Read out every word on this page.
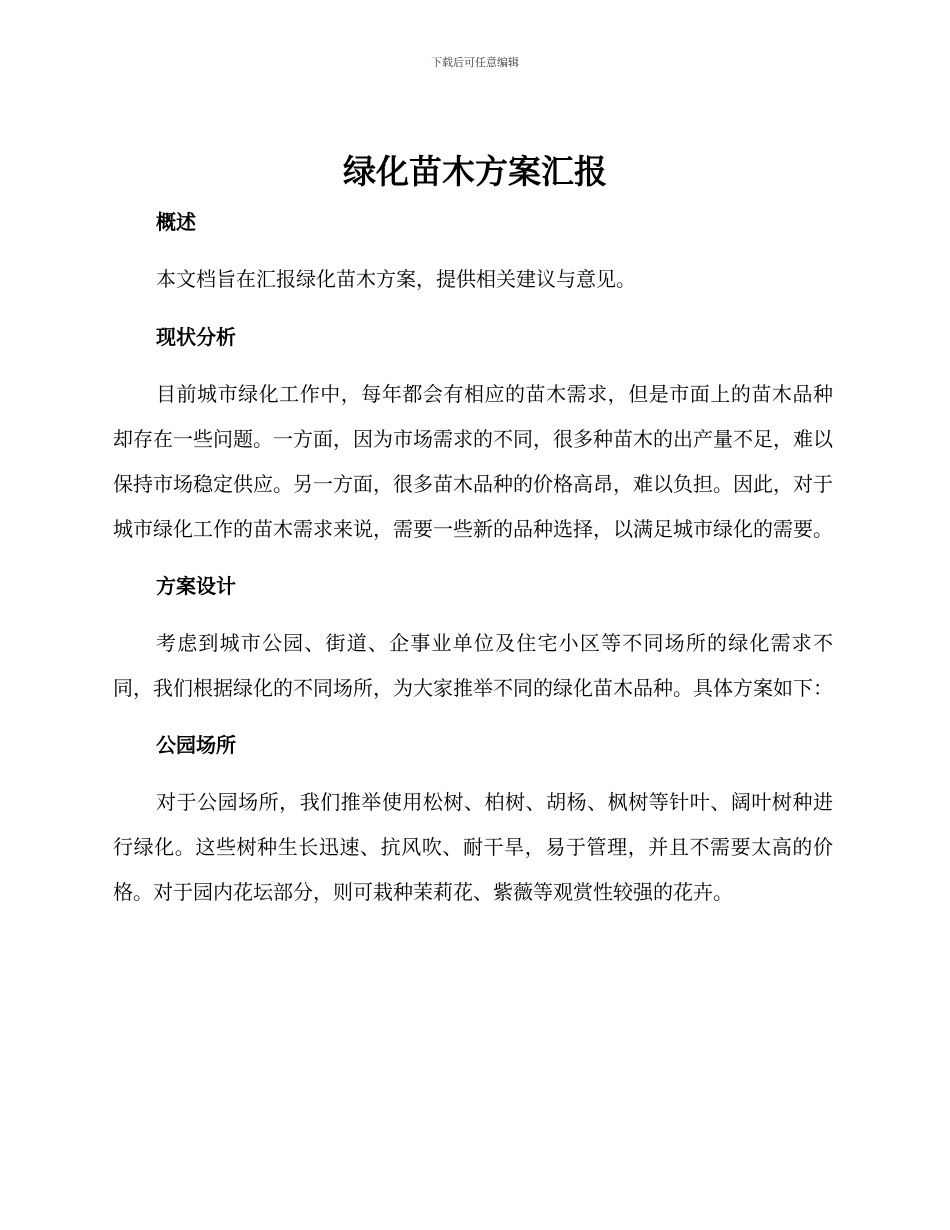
下载后可任意编辑
绿化苗木方案汇报
概述

本文档旨在汇报绿化苗木方案，提供相关建议与意见。

现状分析

目前城市绿化工作中，每年都会有相应的苗木需求，但是市面上的苗木品种却存在一些问题。一方面，因为市场需求的不同，很多种苗木的出产量不足，难以保持市场稳定供应。另一方面，很多苗木品种的价格高昂，难以负担。因此，对于城市绿化工作的苗木需求来说，需要一些新的品种选择，以满足城市绿化的需要。

方案设计

考虑到城市公园、街道、企事业单位及住宅小区等不同场所的绿化需求不同，我们根据绿化的不同场所，为大家推举不同的绿化苗木品种。具体方案如下：

公园场所

对于公园场所，我们推举使用松树、柏树、胡杨、枫树等针叶、阔叶树种进行绿化。这些树种生长迅速、抗风吹、耐干旱，易于管理，并且不需要太高的价格。对于园内花坛部分，则可栽种茉莉花、紫薇等观赏性较强的花卉。
